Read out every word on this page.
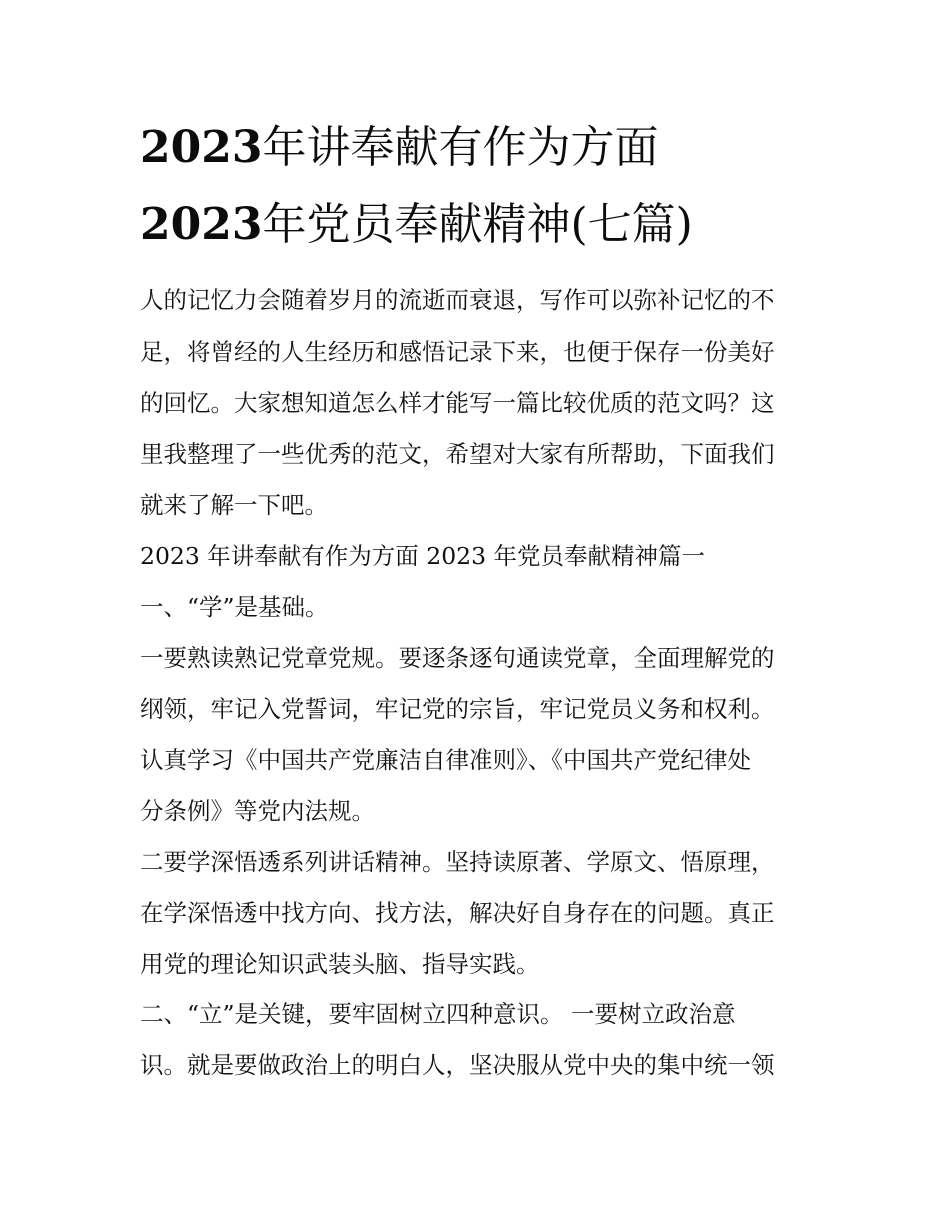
2023年讲奉献有作为方面
2023年党员奉献精神(七篇)
人的记忆力会随着岁月的流逝而衰退，写作可以弥补记忆的不
足，将曾经的人生经历和感悟记录下来，也便于保存一份美好
的回忆。大家想知道怎么样才能写一篇比较优质的范文吗？这
里我整理了一些优秀的范文，希望对大家有所帮助，下面我们
就来了解一下吧。
2023 年讲奉献有作为方面 2023 年党员奉献精神篇一
一、“学”是基础。
一要熟读熟记党章党规。要逐条逐句通读党章，全面理解党的
纲领，牢记入党誓词，牢记党的宗旨，牢记党员义务和权利。
认真学习《中国共产党廉洁自律准则》、《中国共产党纪律处
分条例》等党内法规。
二要学深悟透系列讲话精神。坚持读原著、学原文、悟原理，
在学深悟透中找方向、找方法，解决好自身存在的问题。真正
用党的理论知识武装头脑、指导实践。
二、“立”是关键，要牢固树立四种意识。 一要树立政治意
识。就是要做政治上的明白人，坚决服从党中央的集中统一领
